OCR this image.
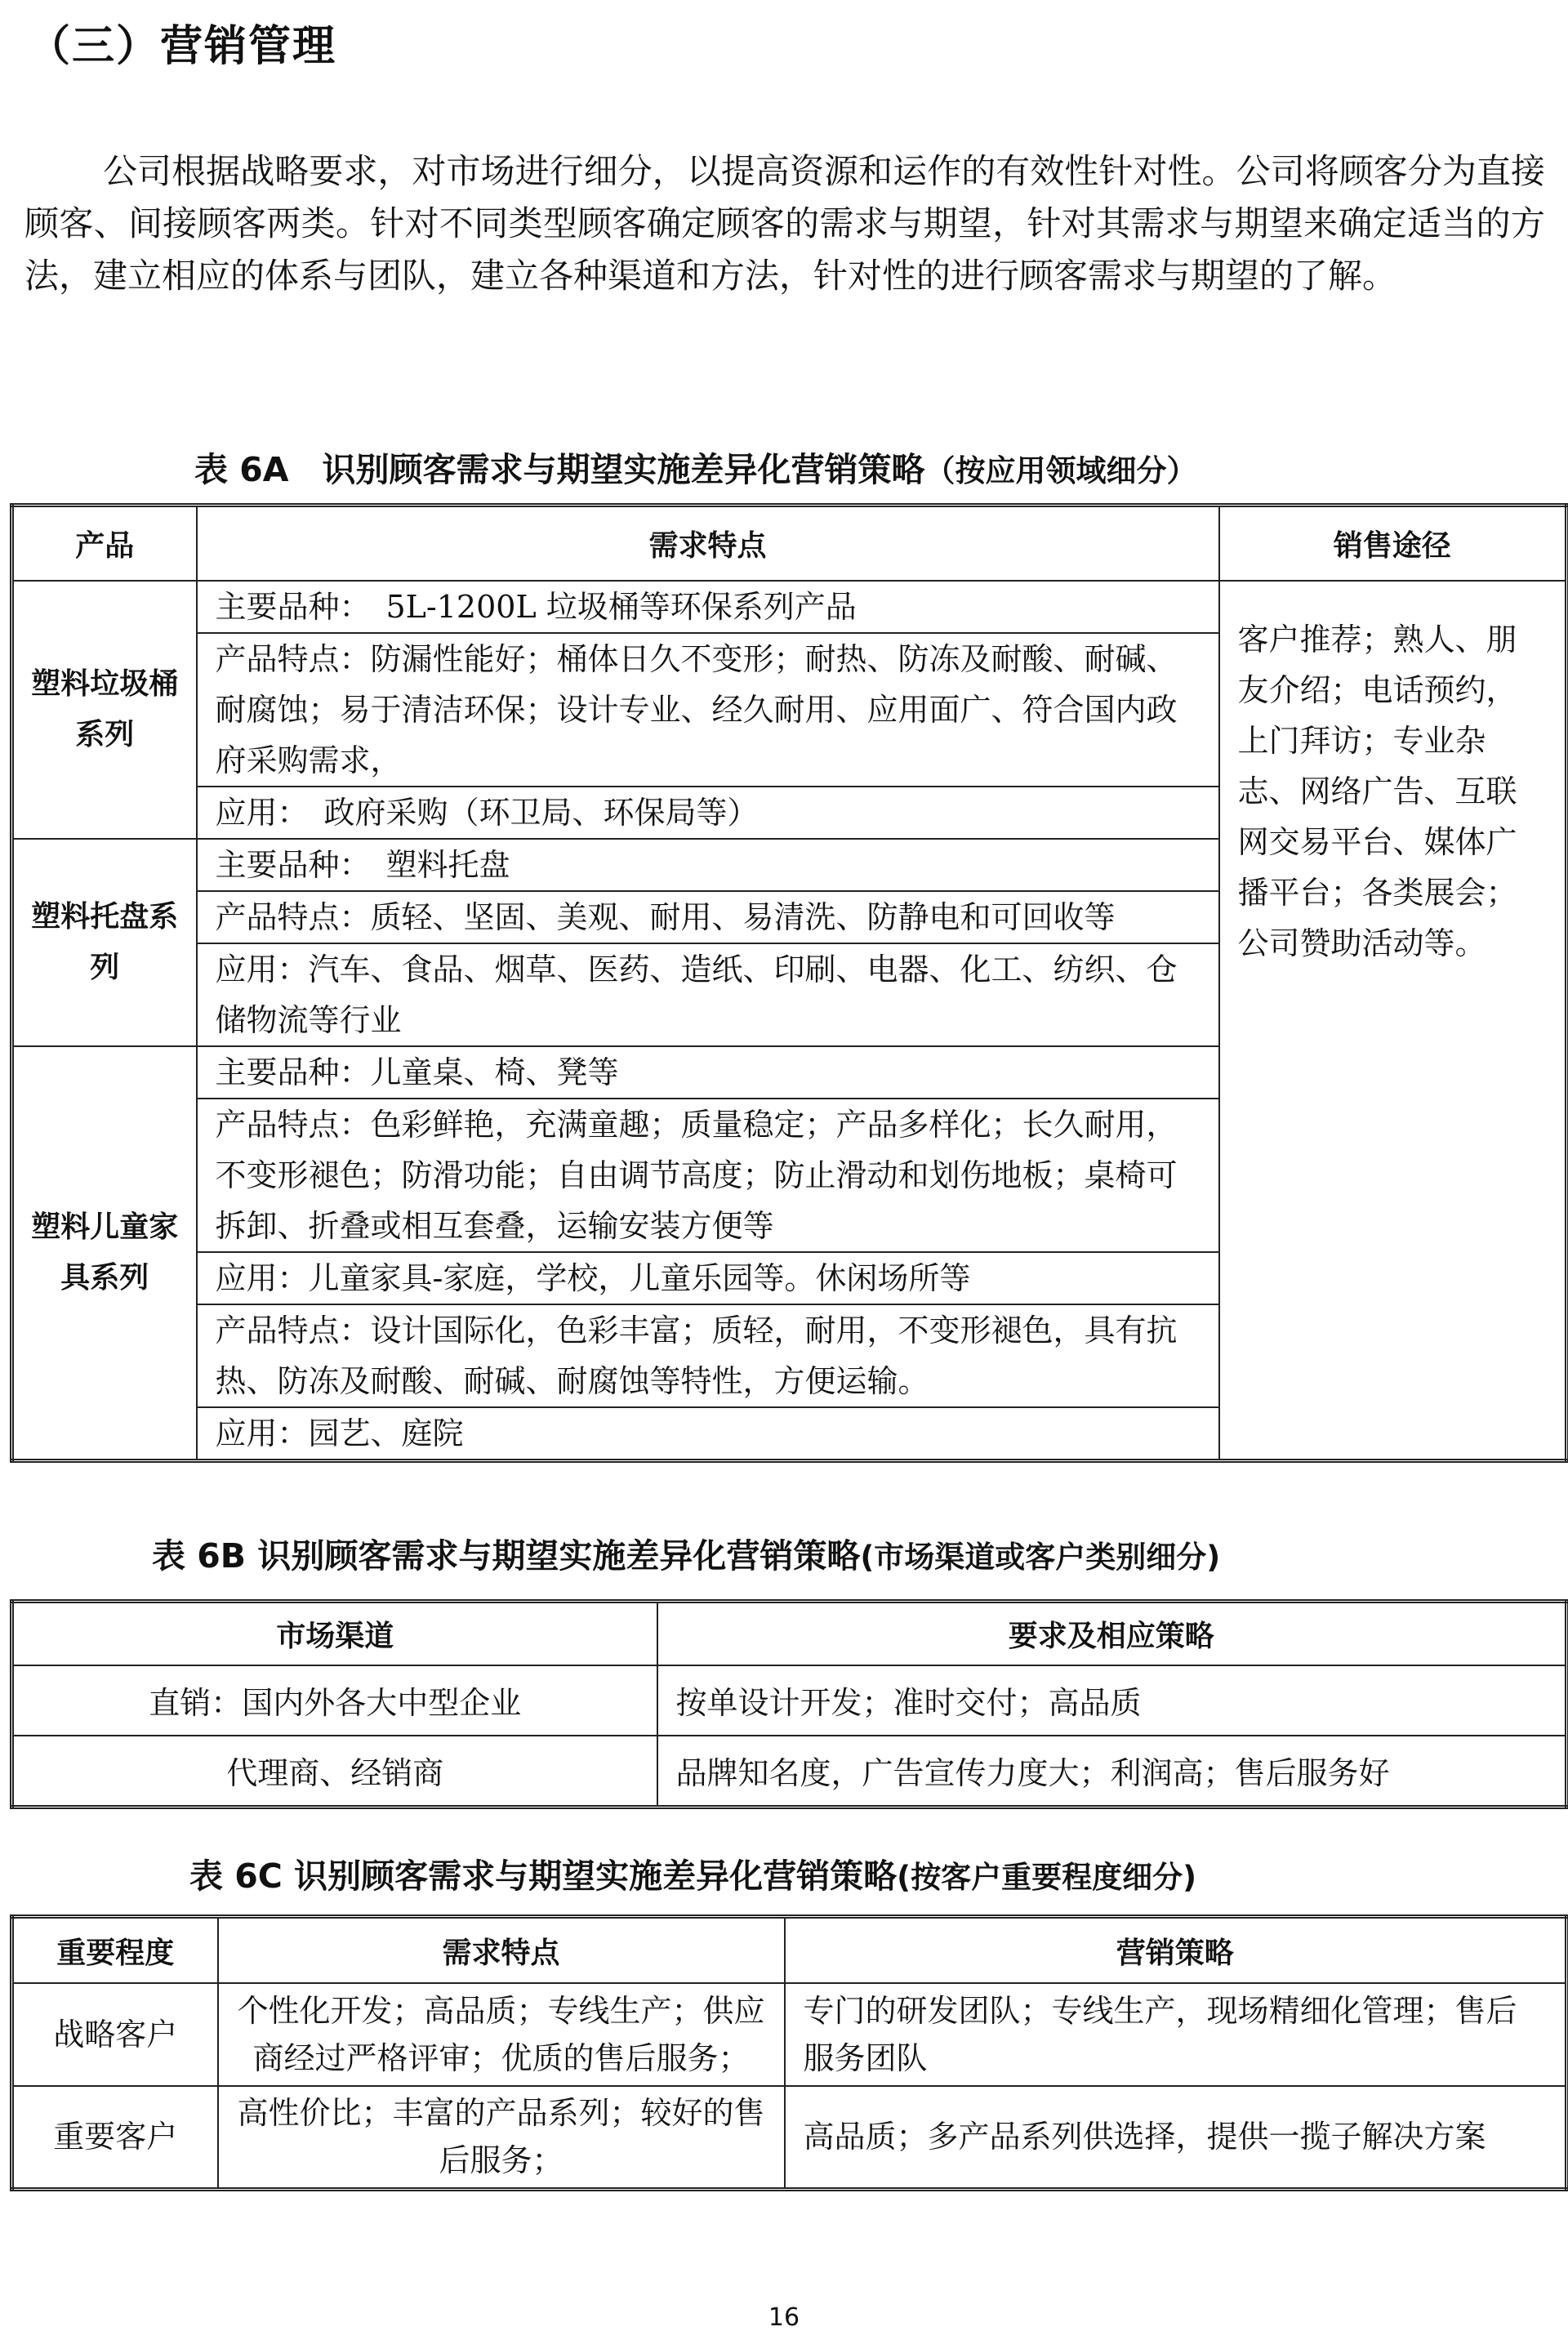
（三）营销管理

公司根据战略要求，对市场进行细分，以提高资源和运作的有效性针对性。公司将顾客分为直接顾客、间接顾客两类。针对不同类型顾客确定顾客的需求与期望，针对其需求与期望来确定适当的方法，建立相应的体系与团队，建立各种渠道和方法，针对性的进行顾客需求与期望的了解。

表 6A　识别顾客需求与期望实施差异化营销策略（按应用领域细分）
产品	需求特点	销售途径
塑料垃圾桶系列	主要品种：　5L-1200L 垃圾桶等环保系列产品	客户推荐；熟人、朋友介绍；电话预约，上门拜访；专业杂志、网络广告、互联网交易平台、媒体广播平台；各类展会；公司赞助活动等。
	产品特点：防漏性能好；桶体日久不变形；耐热、防冻及耐酸、耐碱、耐腐蚀；易于清洁环保；设计专业、经久耐用、应用面广、符合国内政府采购需求，	
	应用：　政府采购（环卫局、环保局等）	
塑料托盘系列	主要品种：　塑料托盘	
	产品特点：质轻、坚固、美观、耐用、易清洗、防静电和可回收等	
	应用：汽车、食品、烟草、医药、造纸、印刷、电器、化工、纺织、仓储物流等行业	
塑料儿童家具系列	主要品种：儿童桌、椅、凳等	
	产品特点：色彩鲜艳，充满童趣；质量稳定；产品多样化；长久耐用，不变形褪色；防滑功能；自由调节高度；防止滑动和划伤地板；桌椅可拆卸、折叠或相互套叠，运输安装方便等	
	应用：儿童家具-家庭，学校，儿童乐园等。休闲场所等	
	产品特点：设计国际化，色彩丰富；质轻，耐用，不变形褪色，具有抗热、防冻及耐酸、耐碱、耐腐蚀等特性，方便运输。	
	应用：园艺、庭院	
表 6B 识别顾客需求与期望实施差异化营销策略(市场渠道或客户类别细分)
市场渠道	要求及相应策略
直销：国内外各大中型企业	按单设计开发；准时交付；高品质
代理商、经销商	品牌知名度，广告宣传力度大；利润高；售后服务好
表 6C 识别顾客需求与期望实施差异化营销策略(按客户重要程度细分)
重要程度	需求特点	营销策略
战略客户	个性化开发；高品质；专线生产；供应商经过严格评审；优质的售后服务；	专门的研发团队；专线生产，现场精细化管理；售后服务团队
重要客户	高性价比；丰富的产品系列；较好的售后服务；	高品质；多产品系列供选择，提供一揽子解决方案
16
